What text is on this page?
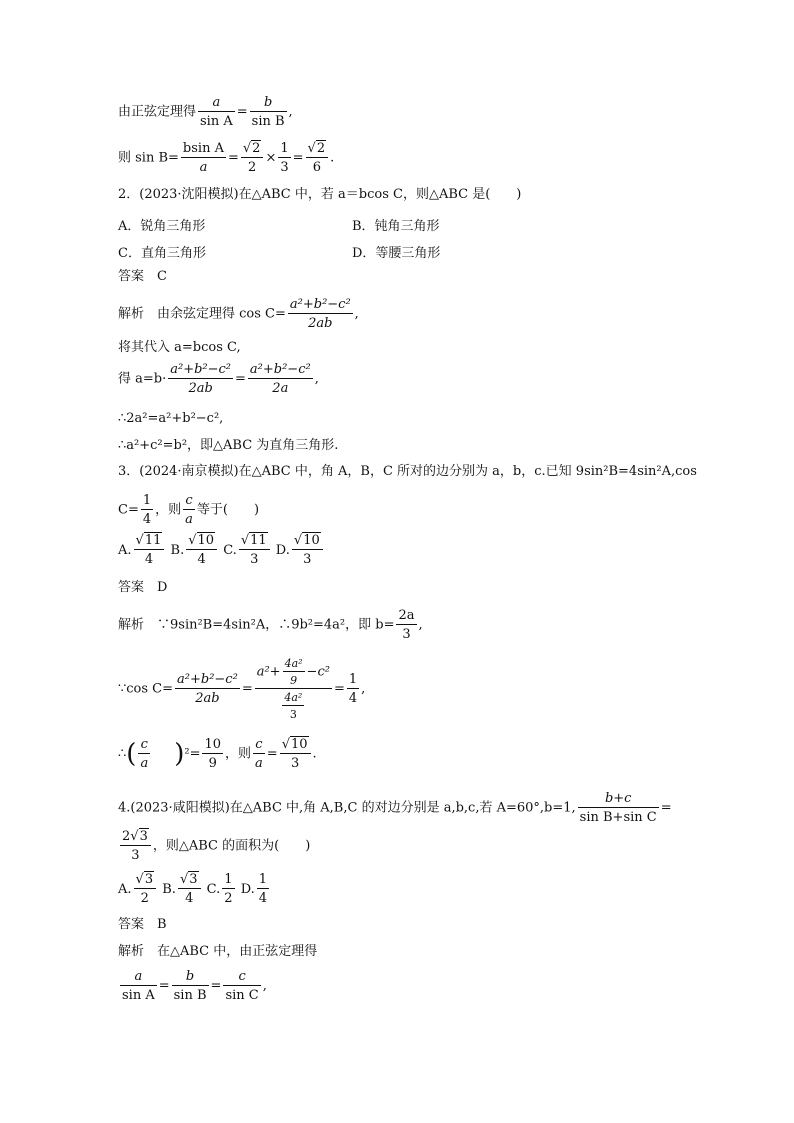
由正弦定理得 $\frac{a}{\text{sin A}} = \frac{b}{\text{sin B}}$ ,
则 $\sin B= \frac{\text{bsin A}}{a} = \frac{√2}{2} \times \frac{1}{3} = \frac{√2}{6}$ .
2．(2023·沈阳模拟)在△ABC 中，若 a＝bcos C，则△ABC 是(　　)
A．锐角三角形	B．钝角三角形
C．直角三角形	D．等腰三角形
答案　C
解析　由余弦定理得 $\cos C= \frac{\text{a²+b²−c²}}{2ab}$ ,
将其代入 a=bcos C,
得 $a=b\cdot \frac{\text{a²+b²−c²}}{2ab} = \frac{\text{a²+b²−c²}}{2a}$ ,
∴2a²=a²+b²−c²,
∴a²+c²=b²，即△ABC 为直角三角形.
3．(2024·南京模拟)在△ABC 中，角 A，B，C 所对的边分别为 a，b，c.已知 9sin²B=4sin²A,cos
$C= \frac{1}{4}$ ，则 $\frac{c}{a}$ 等于(　　)
A. $\frac{√11}{4} B$. $\frac{√10}{4} C$. $\frac{√11}{3} D$. $\frac{√10}{3}$
答案　D
解析　∵9sin²B=4sin²A，∴9b²=4a²，即 $b= \frac{2a}{3}$ ,
∵cos $C= \frac{\text{a²+b²−c²}}{2ab} = \frac{a^2+ \frac{\text{4a²}}{9} -c^2}{\frac{\text{4a²}}{3}} = \frac{1}{4}$ ,
∴( $\frac{c}{a} )^2= \frac{10}{9}$ ，则 $\frac{c}{a} = \frac{√10}{3}$ .
4.(2023·咸阳模拟)在△ABC 中,角 A,B,C 的对边分别是 a,b,c,若 A=60°,b=1, $\frac{b+c}{\text{sin B+sin C}}$ =
$\frac{2√3}{3}$ ，则△ABC 的面积为(　　)
A. $\frac{√3}{2} B$. $\frac{√3}{4} C$. $\frac{1}{2} D$. $\frac{1}{4}$
答案　B
解析　在△ABC 中，由正弦定理得
$\frac{a}{\text{sin A}} = \frac{b}{\text{sin B}} = \frac{c}{\text{sin C}}$ ,
